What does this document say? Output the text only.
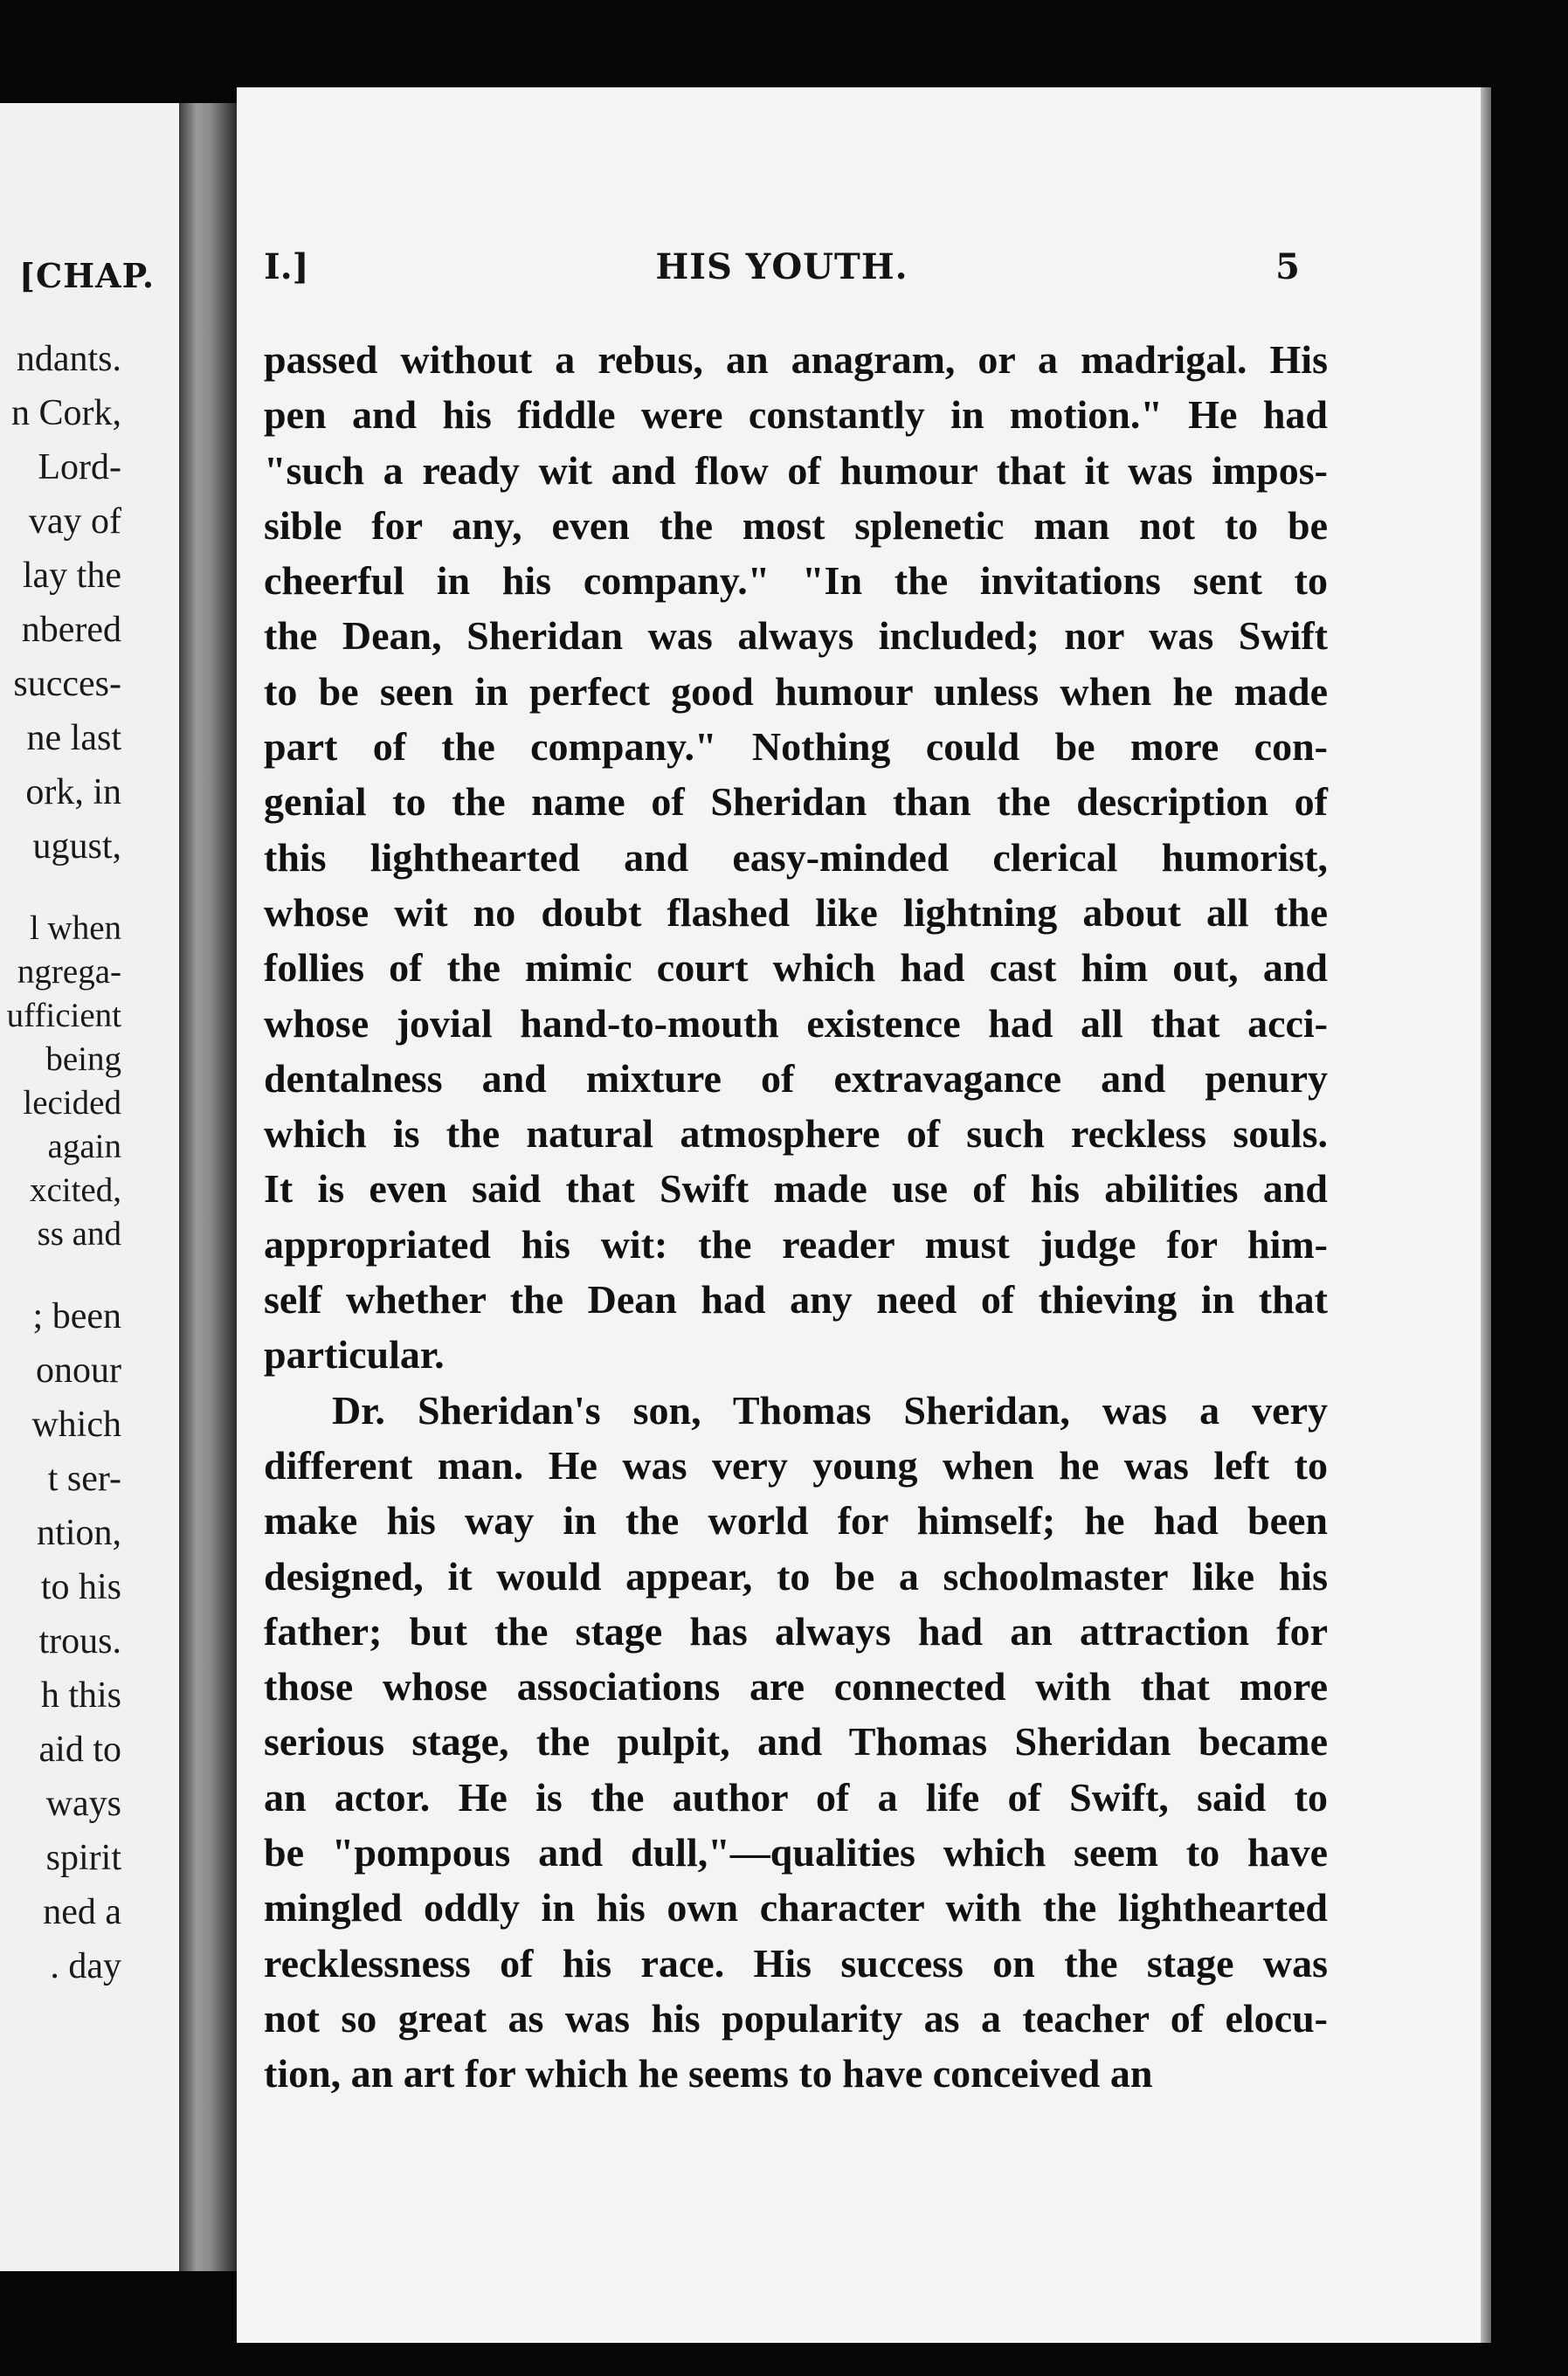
[CHAP.
ndants.
n Cork,
Lord-
vay of
lay the
nbered
succes-
ne last
ork, in
ugust,
l when
ngrega-
ufficient
being
lecided
again
xcited,
ss and
; been
onour
which
t ser-
ntion,
to his
trous.
h this
aid to
ways
spirit
ned a
. day
I.]	HIS YOUTH.	5
passed without a rebus, an anagram, or a madrigal. His
pen and his fiddle were constantly in motion." He had
"such a ready wit and flow of humour that it was impos-
sible for any, even the most splenetic man not to be
cheerful in his company." "In the invitations sent to
the Dean, Sheridan was always included; nor was Swift
to be seen in perfect good humour unless when he made
part of the company." Nothing could be more con-
genial to the name of Sheridan than the description of
this lighthearted and easy-minded clerical humorist,
whose wit no doubt flashed like lightning about all the
follies of the mimic court which had cast him out, and
whose jovial hand-to-mouth existence had all that acci-
dentalness and mixture of extravagance and penury
which is the natural atmosphere of such reckless souls.
It is even said that Swift made use of his abilities and
appropriated his wit: the reader must judge for him-
self whether the Dean had any need of thieving in that
particular.
Dr. Sheridan's son, Thomas Sheridan, was a very
different man. He was very young when he was left to
make his way in the world for himself; he had been
designed, it would appear, to be a schoolmaster like his
father; but the stage has always had an attraction for
those whose associations are connected with that more
serious stage, the pulpit, and Thomas Sheridan became
an actor. He is the author of a life of Swift, said to
be "pompous and dull,"—qualities which seem to have
mingled oddly in his own character with the lighthearted
recklessness of his race. His success on the stage was
not so great as was his popularity as a teacher of elocu-
tion, an art for which he seems to have conceived an
